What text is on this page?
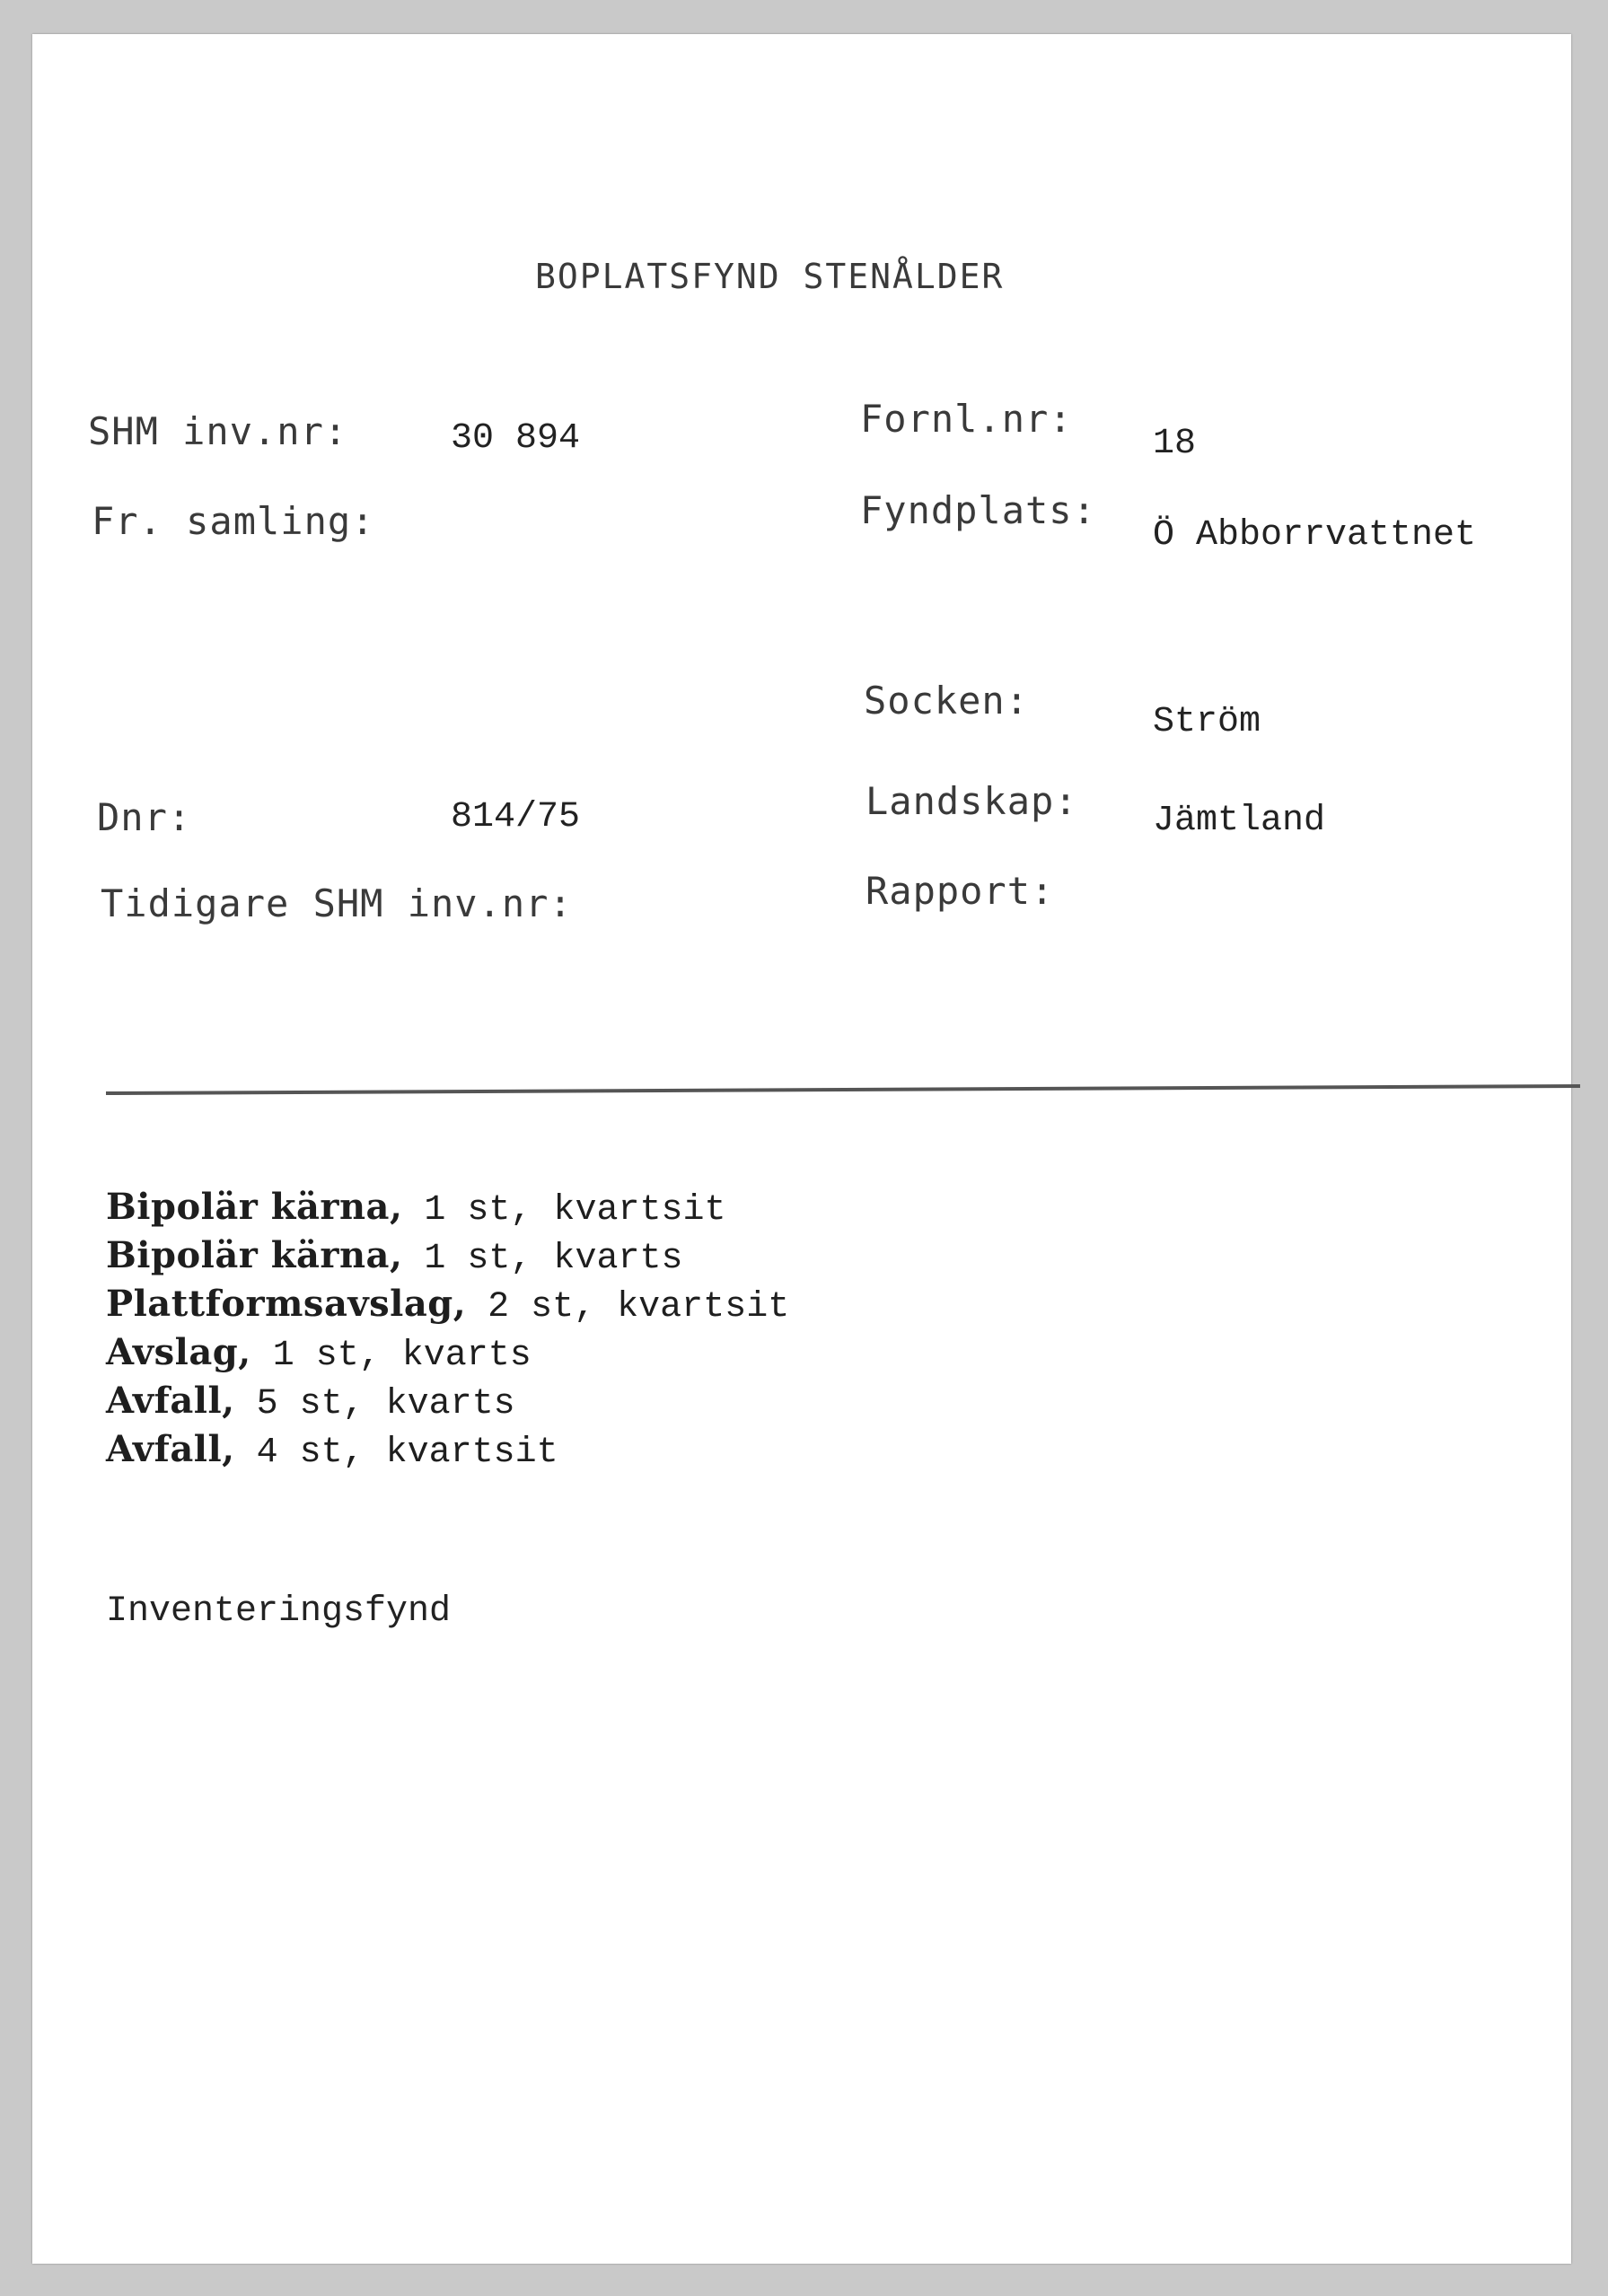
BOPLATSFYND STENÅLDER
SHM inv.nr:	30 894
Fr. samling:
Dnr:	814/75
Tidigare SHM inv.nr:
Fornl.nr:
18
Fyndplats:
Ö Abborrvattnet
Socken:	Ström
Landskap: Jämtland
Rapport:
Bipolär kärna, 1 st, kvartsit
Bipolär kärna, 1 st, kvarts
Plattformsavslag, 2 st, kvartsit
Avslag, 1 st, kvarts
Avfall, 5 st, kvarts
Avfall, 4 st, kvartsit
Inventeringsfynd
